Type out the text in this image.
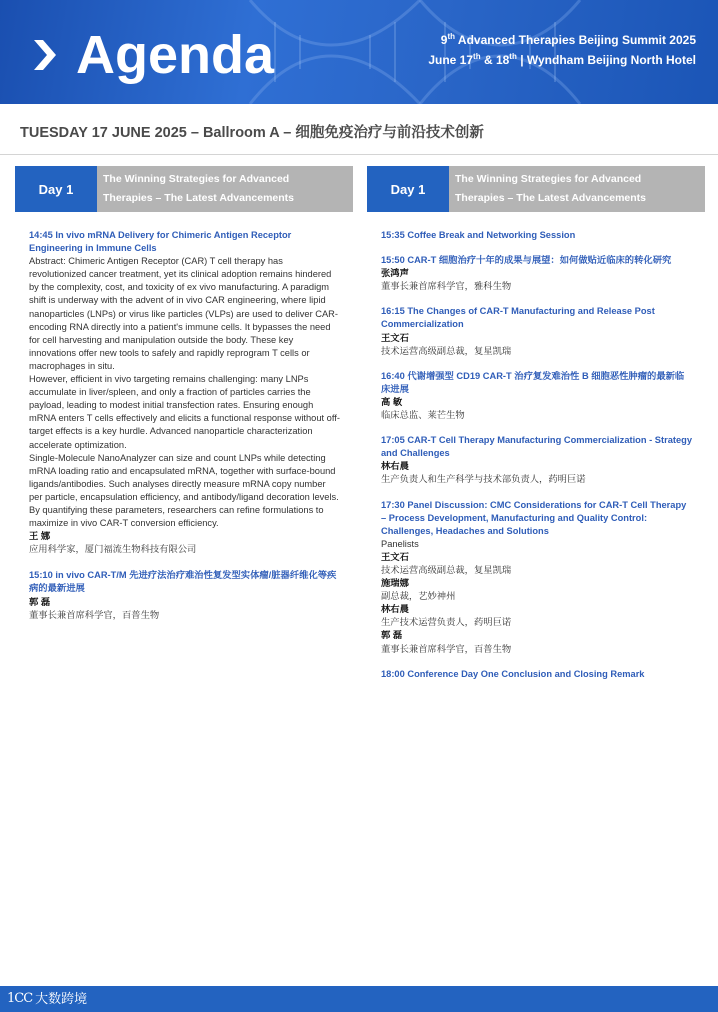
Agenda	9th Advanced Therapies Beijing Summit 2025
June 17th & 18th | Wyndham Beijing North Hotel
TUESDAY 17 JUNE 2025 – Ballroom A – 细胞免疫治疗与前沿技术创新
Day 1
The Winning Strategies for Advanced
Therapies – The Latest Advancements
14:45 In vivo mRNA Delivery for Chimeric Antigen Receptor Engineering in Immune Cells
Abstract: Chimeric Antigen Receptor (CAR) T cell therapy has revolutionized cancer treatment, yet its clinical adoption remains hindered by the complexity, cost, and toxicity of ex vivo manufacturing. A paradigm shift is underway with the advent of in vivo CAR engineering, where lipid nanoparticles (LNPs) or virus like particles (VLPs) are used to deliver CAR-encoding RNA directly into a patient's immune cells. It bypasses the need for cell harvesting and manipulation outside the body. These key innovations offer new tools to safely and rapidly reprogram T cells or macrophages in situ.
However, efficient in vivo targeting remains challenging: many LNPs accumulate in liver/spleen, and only a fraction of particles carries the payload, leading to modest initial transfection rates. Ensuring enough mRNA enters T cells effectively and elicits a functional response without off-target effects is a key hurdle. Advanced nanoparticle characterization accelerate optimization.
Single-Molecule NanoAnalyzer can size and count LNPs while detecting mRNA loading ratio and encapsulated mRNA, together with surface-bound ligands/antibodies. Such analyses directly measure mRNA copy number per particle, encapsulation efficiency, and antibody/ligand decoration levels. By quantifying these parameters, researchers can refine formulations to maximize in vivo CAR-T conversion efficiency.
王 娜
应用科学家，厦门福流生物科技有限公司
15:10 in vivo CAR-T/M 先进疗法治疗难治性复发型实体瘤/脏器纤维化等疾病的最新进展
郭 磊
董事长兼首席科学官，百普生物
Day 1
The Winning Strategies for Advanced
Therapies – The Latest Advancements
15:35 Coffee Break and Networking Session
15:50 CAR-T 细胞治疗十年的成果与展望：如何做贴近临床的转化研究
张鸿声
董事长兼首席科学官，雅科生物
16:15 The Changes of CAR-T Manufacturing and Release Post Commercialization
王文石
技术运营高级副总裁，复星凯瑞
16:40 代谢增强型 CD19 CAR-T 治疗复发难治性 B 细胞恶性肿瘤的最新临床进展
高 敏
临床总监、莱芒生物
17:05 CAR-T Cell Therapy Manufacturing Commercialization - Strategy and Challenges
林右晨
生产负责人和生产科学与技术部负责人，药明巨诺
17:30 Panel Discussion: CMC Considerations for CAR-T Cell Therapy – Process Development, Manufacturing and Quality Control: Challenges, Headaches and Solutions
Panelists
王文石
技术运营高级副总裁，复星凯瑞
施瑞娜
副总裁，艺妙神州
林右晨
生产技术运营负责人，药明巨诺
郭 磊
董事长兼首席科学官，百普生物
18:00 Conference Day One Conclusion and Closing Remark
1CC 大数跨境
